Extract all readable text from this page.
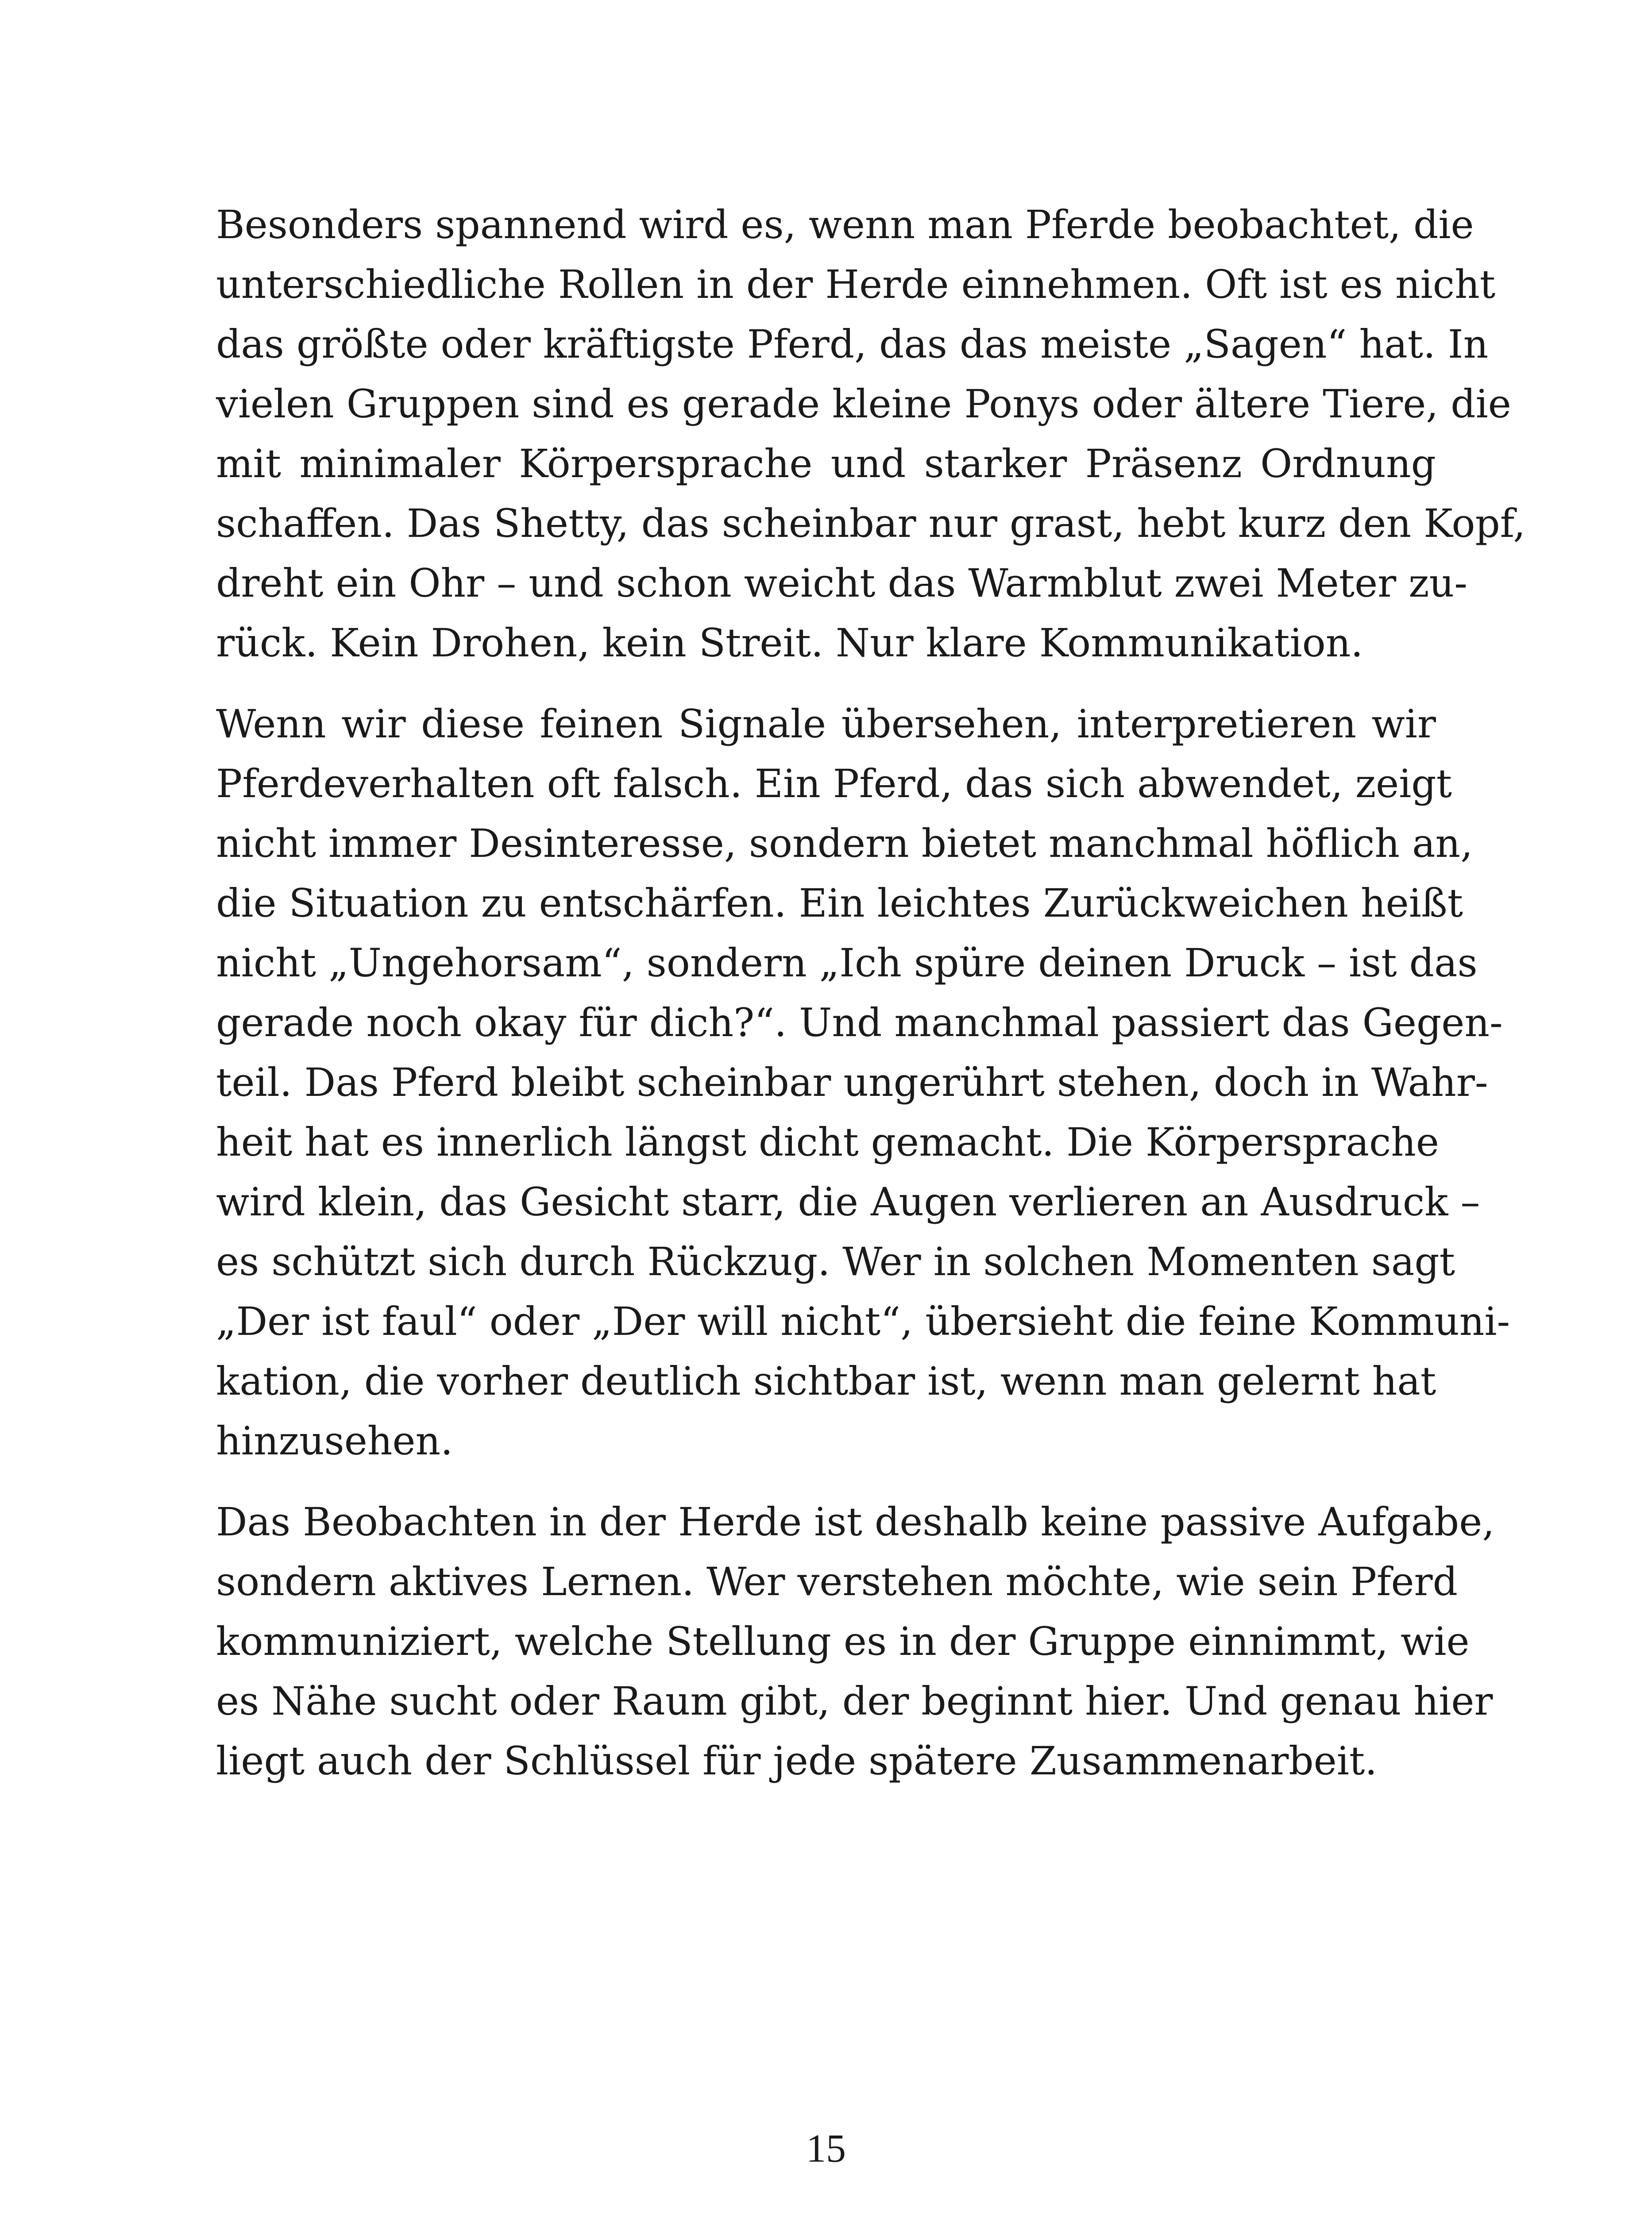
Besonders spannend wird es, wenn man Pferde beobachtet, die
unterschiedliche Rollen in der Herde einnehmen. Oft ist es nicht
das größte oder kräftigste Pferd, das das meiste „Sagen“ hat. In
vielen Gruppen sind es gerade kleine Ponys oder ältere Tiere, die
mit minimaler Körpersprache und starker Präsenz Ordnung
schaffen. Das Shetty, das scheinbar nur grast, hebt kurz den Kopf,
dreht ein Ohr – und schon weicht das Warmblut zwei Meter zu-
rück. Kein Drohen, kein Streit. Nur klare Kommunikation.

Wenn wir diese feinen Signale übersehen, interpretieren wir
Pferdeverhalten oft falsch. Ein Pferd, das sich abwendet, zeigt
nicht immer Desinteresse, sondern bietet manchmal höflich an,
die Situation zu entschärfen. Ein leichtes Zurückweichen heißt
nicht „Ungehorsam“, sondern „Ich spüre deinen Druck – ist das
gerade noch okay für dich?“. Und manchmal passiert das Gegen-
teil. Das Pferd bleibt scheinbar ungerührt stehen, doch in Wahr-
heit hat es innerlich längst dicht gemacht. Die Körpersprache
wird klein, das Gesicht starr, die Augen verlieren an Ausdruck –
es schützt sich durch Rückzug. Wer in solchen Momenten sagt
„Der ist faul“ oder „Der will nicht“, übersieht die feine Kommuni-
kation, die vorher deutlich sichtbar ist, wenn man gelernt hat
hinzusehen.

Das Beobachten in der Herde ist deshalb keine passive Aufgabe,
sondern aktives Lernen. Wer verstehen möchte, wie sein Pferd
kommuniziert, welche Stellung es in der Gruppe einnimmt, wie
es Nähe sucht oder Raum gibt, der beginnt hier. Und genau hier
liegt auch der Schlüssel für jede spätere Zusammenarbeit.

15
